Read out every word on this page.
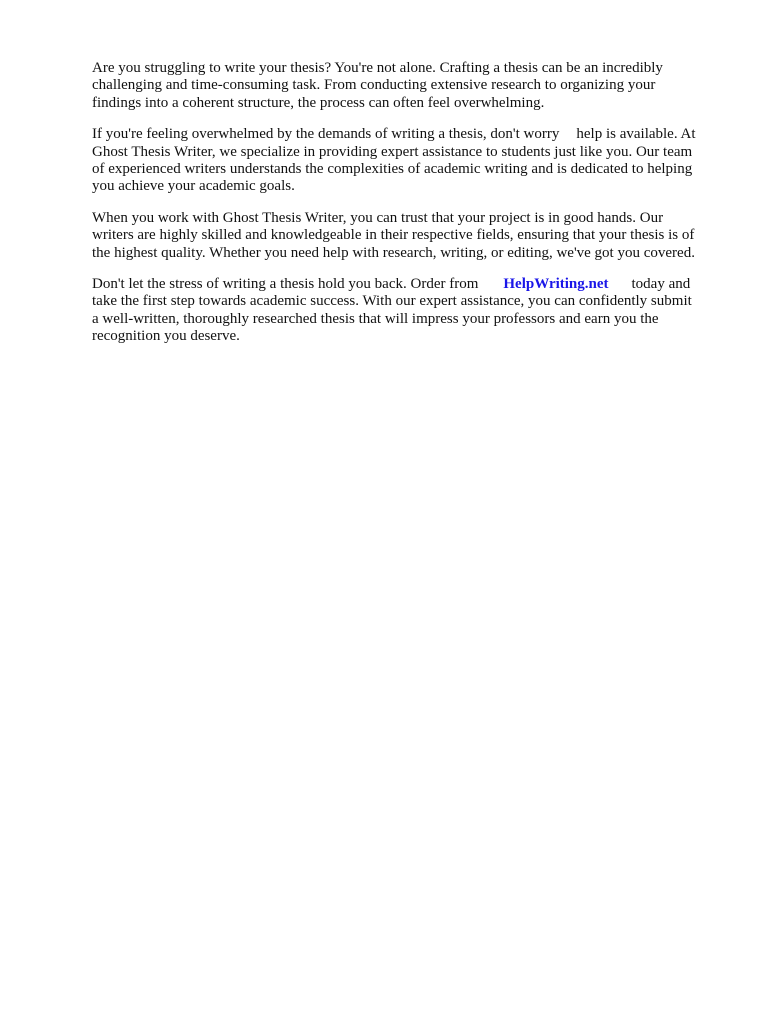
Are you struggling to write your thesis? You're not alone. Crafting a thesis can be an incredibly
challenging and time-consuming task. From conducting extensive research to organizing your
findings into a coherent structure, the process can often feel overwhelming.

If you're feeling overwhelmed by the demands of writing a thesis, don't worry help is available. At
Ghost Thesis Writer, we specialize in providing expert assistance to students just like you. Our team
of experienced writers understands the complexities of academic writing and is dedicated to helping
you achieve your academic goals.

When you work with Ghost Thesis Writer, you can trust that your project is in good hands. Our
writers are highly skilled and knowledgeable in their respective fields, ensuring that your thesis is of
the highest quality. Whether you need help with research, writing, or editing, we've got you covered.

Don't let the stress of writing a thesis hold you back. Order from HelpWriting.net today and
take the first step towards academic success. With our expert assistance, you can confidently submit
a well-written, thoroughly researched thesis that will impress your professors and earn you the
recognition you deserve.
